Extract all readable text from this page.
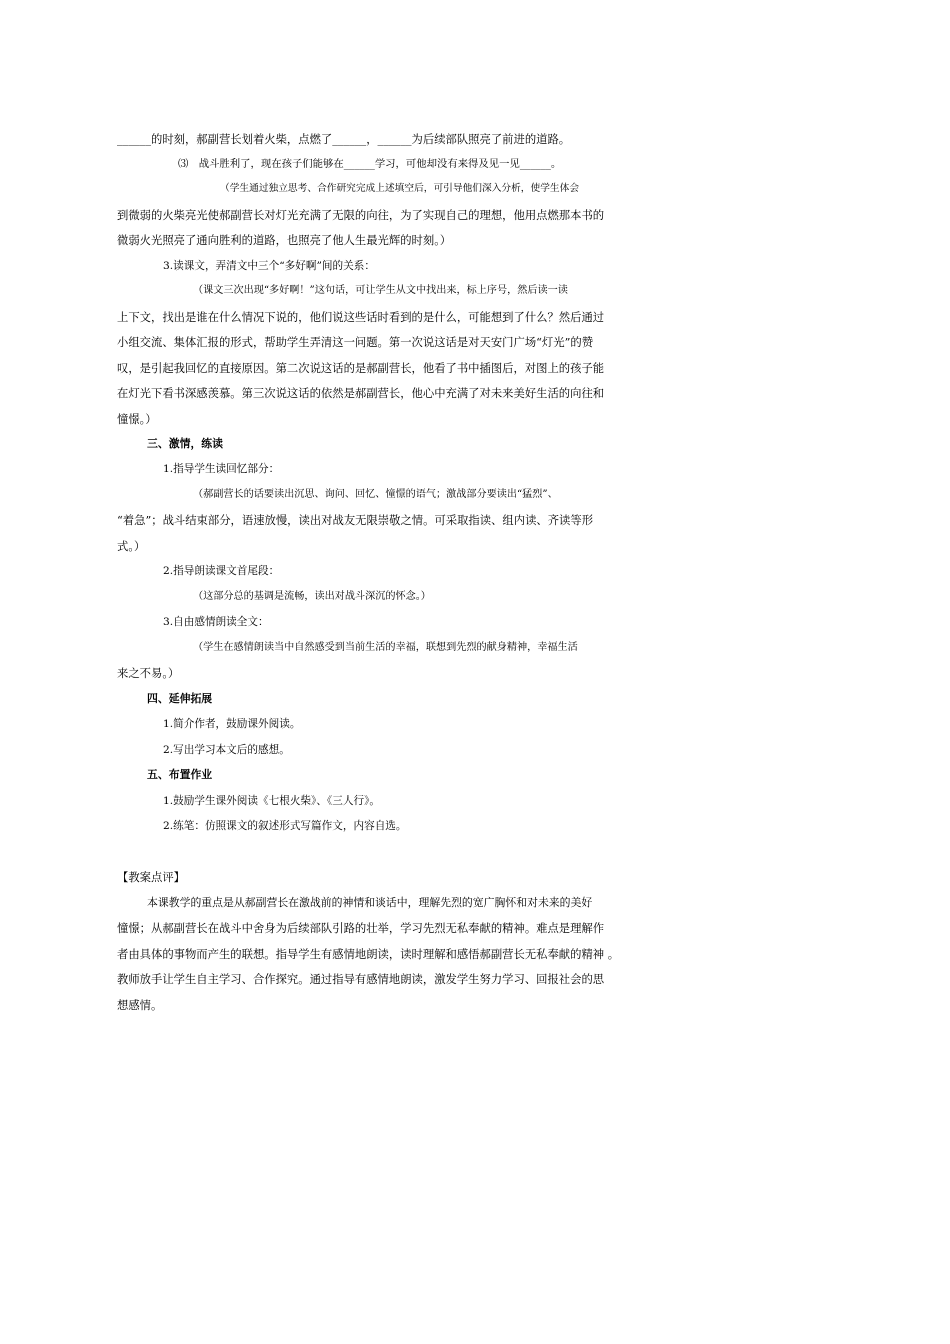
______的时刻，郝副营长划着火柴，点燃了______，______为后续部队照亮了前进的道路。
⑶　战斗胜利了，现在孩子们能够在______学习，可他却没有来得及见一见______。
（学生通过独立思考、合作研究完成上述填空后，可引导他们深入分析，使学生体会
到微弱的火柴亮光使郝副营长对灯光充满了无限的向往，为了实现自己的理想，他用点燃那本书的
微弱火光照亮了通向胜利的道路，也照亮了他人生最光辉的时刻。）
3.读课文，弄清文中三个“多好啊”间的关系：
（课文三次出现“多好啊！”这句话，可让学生从文中找出来，标上序号，然后读一读
上下文，找出是谁在什么情况下说的，他们说这些话时看到的是什么，可能想到了什么？然后通过
小组交流、集体汇报的形式，帮助学生弄清这一问题。第一次说这话是对天安门广场“灯光”的赞
叹，是引起我回忆的直接原因。第二次说这话的是郝副营长，他看了书中插图后，对图上的孩子能
在灯光下看书深感羡慕。第三次说这话的依然是郝副营长，他心中充满了对未来美好生活的向往和
憧憬。）
三、激情，练读
1.指导学生读回忆部分：
（郝副营长的话要读出沉思、询问、回忆、憧憬的语气；激战部分要读出“猛烈”、
“着急”；战斗结束部分，语速放慢，读出对战友无限崇敬之情。可采取指读、组内读、齐读等形
式。）
2.指导朗读课文首尾段：
（这部分总的基调是流畅，读出对战斗深沉的怀念。）
3.自由感情朗读全文：
（学生在感情朗读当中自然感受到当前生活的幸福，联想到先烈的献身精神，幸福生活
来之不易。）
四、延伸拓展
1.简介作者，鼓励课外阅读。
2.写出学习本文后的感想。
五、布置作业
1.鼓励学生课外阅读《七根火柴》、《三人行》。
2.练笔：仿照课文的叙述形式写篇作文，内容自选。
【教案点评】
本课教学的重点是从郝副营长在激战前的神情和谈话中，理解先烈的宽广胸怀和对未来的美好
憧憬；从郝副营长在战斗中舍身为后续部队引路的壮举，学习先烈无私奉献的精神。难点是理解作
者由具体的事物而产生的联想。指导学生有感情地朗读，读时理解和感悟郝副营长无私奉献的精神 。
教师放手让学生自主学习、合作探究。通过指导有感情地朗读，激发学生努力学习、回报社会的思
想感情。
